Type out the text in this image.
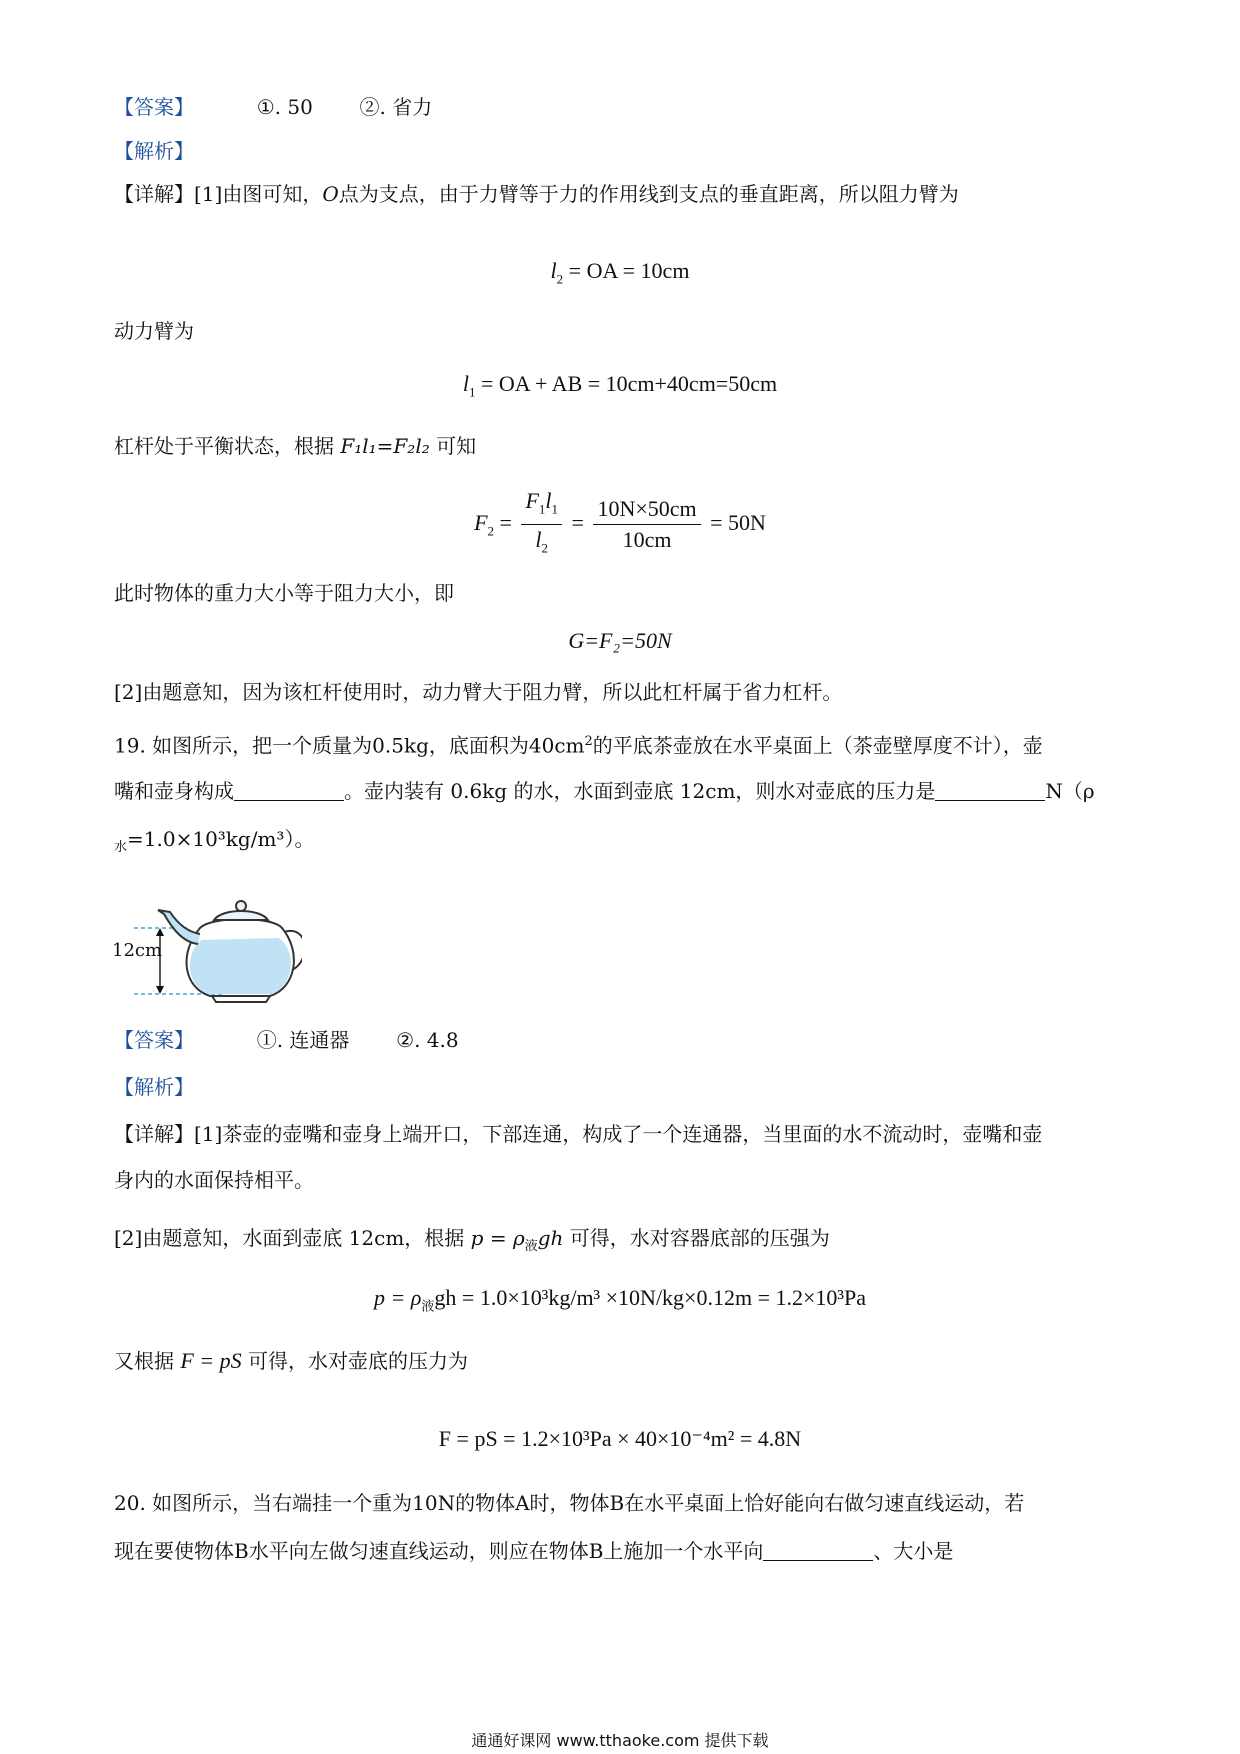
【答案】	①. 50 ②. 省力
【解析】
【详解】[1]由图可知，O点为支点，由于力臂等于力的作用线到支点的垂直距离，所以阻力臂为
$l_2$ = OA = 10cm
动力臂为
$l_1$ = OA + AB = 10cm+40cm=50cm
杠杆处于平衡状态，根据 F₁l₁=F₂l₂ 可知
$F_2 = \frac{F_1l_1}{l_2} = \frac{10N\times 50cm}{10cm} = 50N$
此时物体的重力大小等于阻力大小，即
G=F₂=50N
[2]由题意知，因为该杠杆使用时，动力臂大于阻力臂，所以此杠杆属于省力杠杆。
19. 如图所示，把一个质量为0.5kg，底面积为$40cm^2$的平底茶壶放在水平桌面上（茶壶壁厚度不计），壶
嘴和壶身构成	。壶内装有 0.6kg 的水，水面到壶底 12cm，则水对壶底的压力是	N（ρ
$_水$=1.0×10³kg/m³）。
12cm
【答案】	①. 连通器 ②. 4.8
【解析】
【详解】[1]茶壶的壶嘴和壶身上端开口，下部连通，构成了一个连通器，当里面的水不流动时，壶嘴和壶
身内的水面保持相平。
[2]由题意知，水面到壶底 12cm，根据 $p = \rho_液gh$ 可得，水对容器底部的压强为
$p = \rho_液gh = 1.0\times 10^3kg/m^3 \times 10N/kg\times 0.12m = 1.2\times 10^3Pa$
又根据 F = pS 可得，水对壶底的压力为
F = pS = 1.2×10³Pa × 40×10⁻⁴m² = 4.8N
20. 如图所示，当右端挂一个重为10N的物体A时，物体B在水平桌面上恰好能向右做匀速直线运动，若
现在要使物体B水平向左做匀速直线运动，则应在物体B上施加一个水平向	、大小是
通通好课网 www.tthaoke.com 提供下载
